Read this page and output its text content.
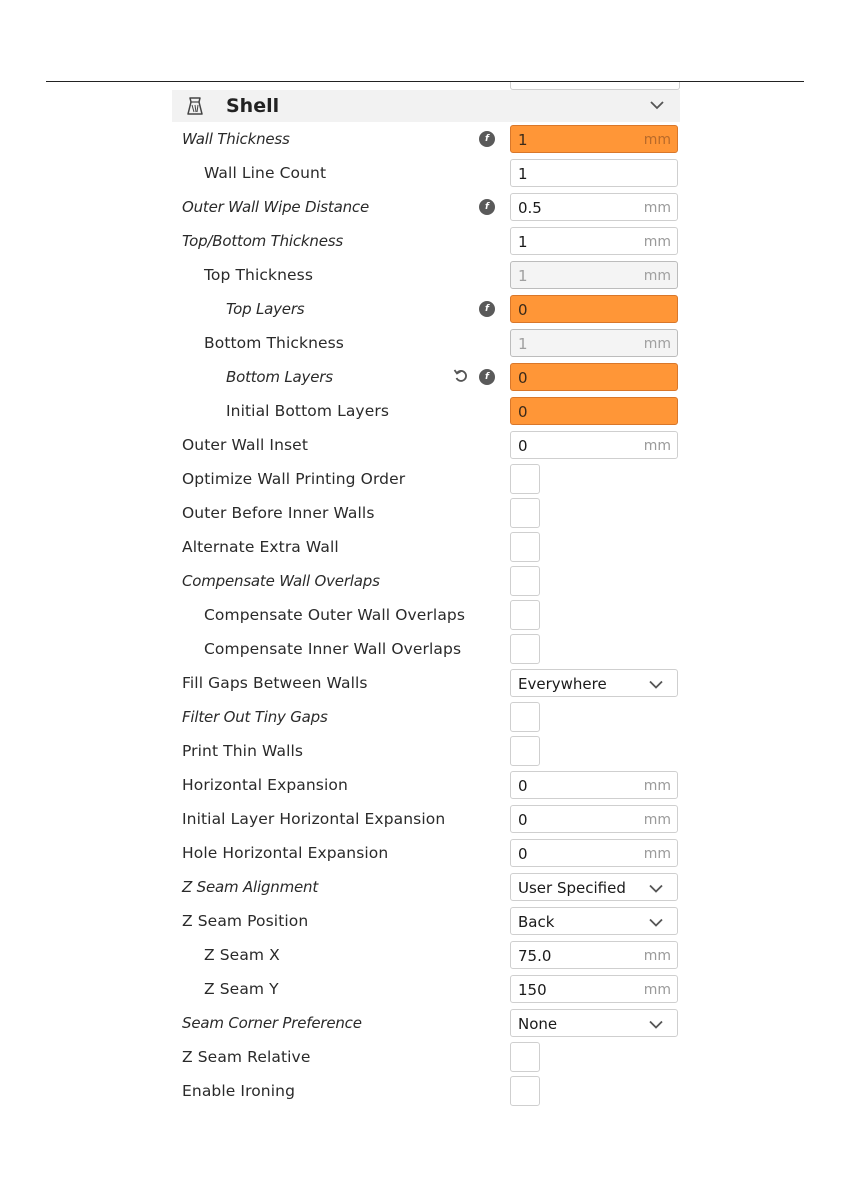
Shell
Wall Thickness	f	1	mm
Wall Line Count	1
Outer Wall Wipe Distance	f	0.5	mm
Top/Bottom Thickness	1	mm
Top Thickness	1	mm
Top Layers	f	0
Bottom Thickness	1	mm
Bottom Layers	f	0
Initial Bottom Layers	0
Outer Wall Inset	0	mm
Optimize Wall Printing Order
Outer Before Inner Walls
Alternate Extra Wall
Compensate Wall Overlaps
Compensate Outer Wall Overlaps
Compensate Inner Wall Overlaps
Fill Gaps Between Walls	Everywhere
Filter Out Tiny Gaps
Print Thin Walls
Horizontal Expansion	0	mm
Initial Layer Horizontal Expansion	0	mm
Hole Horizontal Expansion	0	mm
Z Seam Alignment	User Specified
Z Seam Position	Back
Z Seam X	75.0	mm
Z Seam Y	150	mm
Seam Corner Preference	None
Z Seam Relative
Enable Ironing
